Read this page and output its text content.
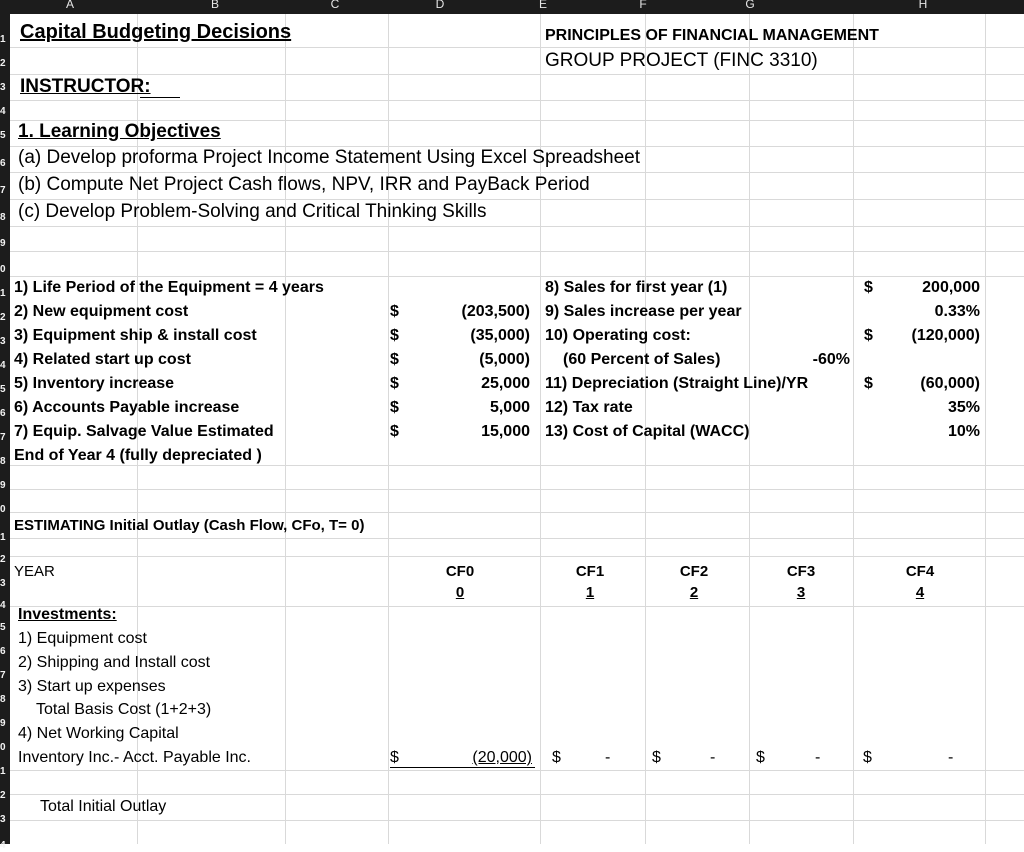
A	B	C	D	E	F	G	H
1
2
3
4
5
6
7
8
9
0
1
2
3
4
5
6
7
8
9
0
1
2
3
4
5
6
7
8
9
0
1
2
3
4
Capital Budgeting Decisions	PRINCIPLES OF FINANCIAL MANAGEMENT
GROUP PROJECT (FINC 3310)
INSTRUCTOR:
1. Learning Objectives
(a) Develop proforma Project Income Statement Using Excel Spreadsheet
(b) Compute Net Project Cash flows, NPV, IRR and PayBack Period
(c) Develop Problem-Solving and Critical Thinking Skills
1) Life Period of the Equipment = 4 years
2) New equipment cost	$	(203,500)
3) Equipment ship & install cost	$	(35,000)
4) Related start up cost	$	(5,000)
5) Inventory increase	$	25,000
6) Accounts Payable increase	$	5,000
7) Equip. Salvage Value Estimated	$	15,000
End of Year 4 (fully depreciated )
8) Sales for first year (1)	$	200,000
9) Sales increase per year	0.33%
10) Operating cost:	$	(120,000)
(60 Percent of Sales)	-60%
11) Depreciation (Straight Line)/YR	$	(60,000)
12) Tax rate	35%
13) Cost of Capital (WACC)	10%
ESTIMATING Initial Outlay (Cash Flow, CFo, T= 0)
YEAR	CF0	CF1	CF2	CF3	CF4
0	1	2	3	4
Investments:
1) Equipment cost
2) Shipping and Install cost
3) Start up expenses
Total Basis Cost (1+2+3)
4) Net Working Capital
Inventory Inc.- Acct. Payable Inc.	$	(20,000) $	-	$	-	$	-	$	-
Total Initial Outlay
